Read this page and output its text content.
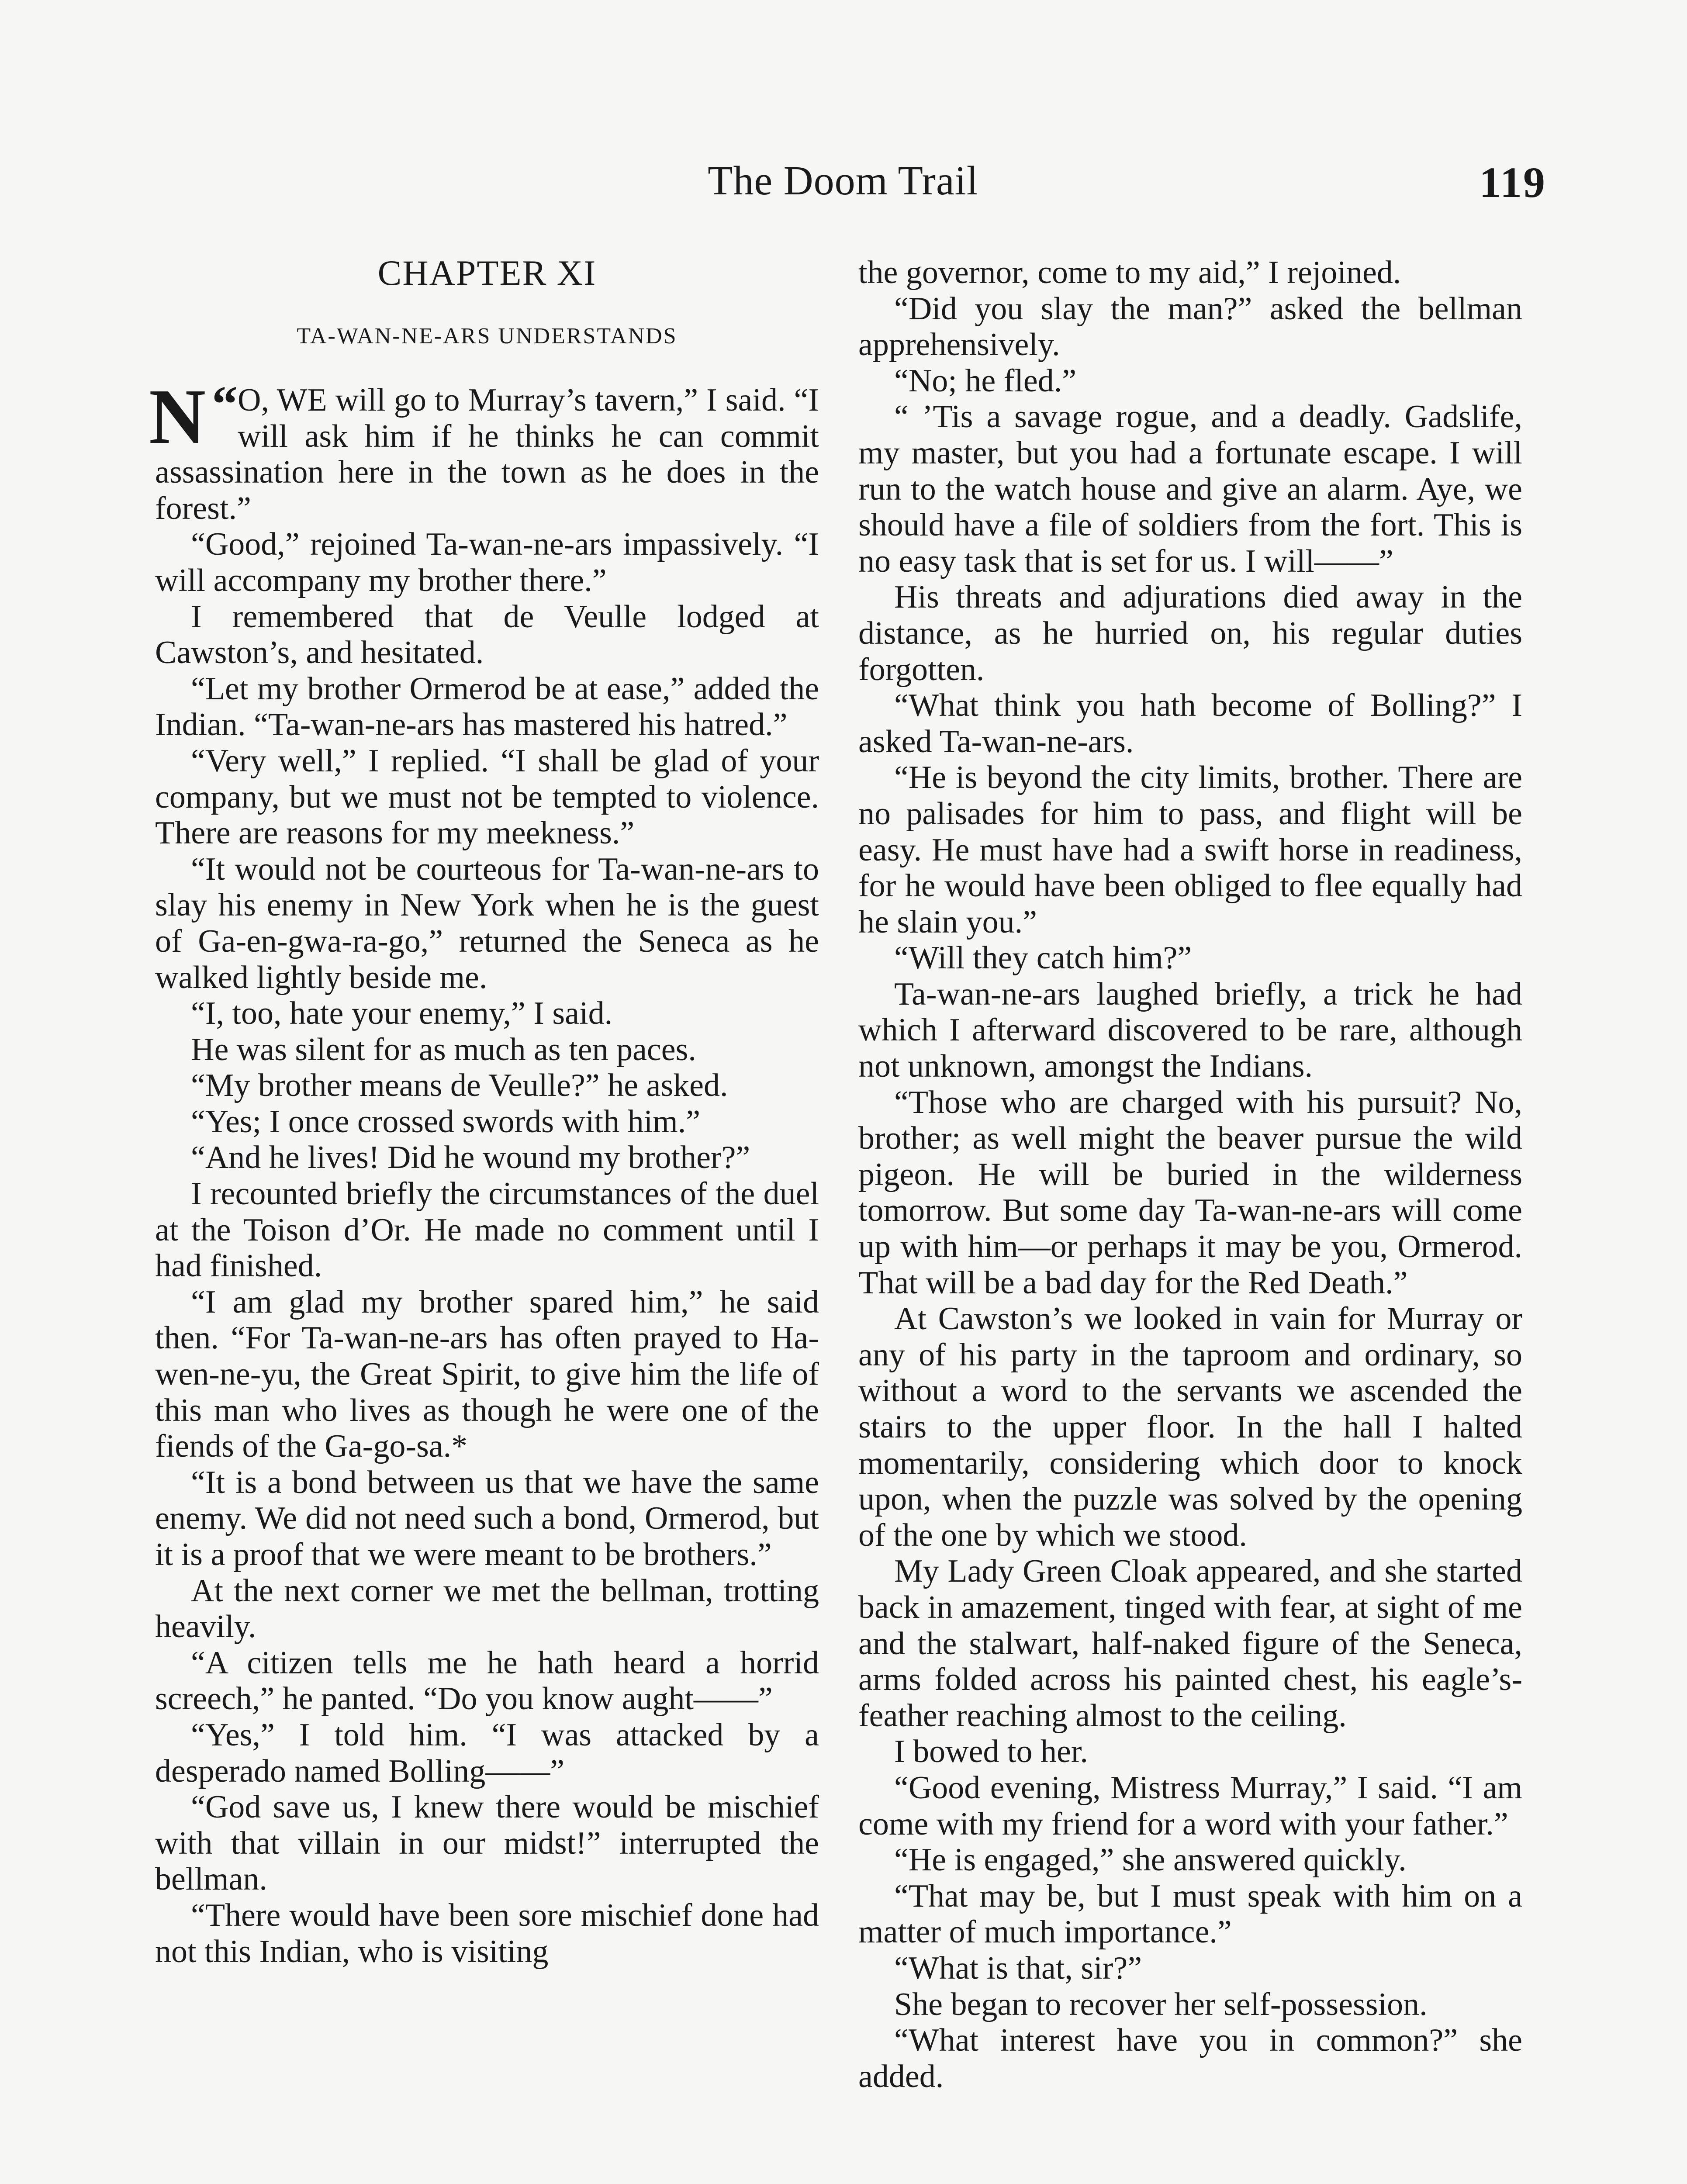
The Doom Trail	119
CHAPTER XI
TA-WAN-NE-ARS UNDERSTANDS

“
N O, WE will go to Murray’s tavern,” I said. “I will ask him if he thinks he can commit assassination here in the town as he does in the forest.”

“Good,” rejoined Ta-wan-ne-ars impassively. “I will accompany my brother there.”

I remembered that de Veulle lodged at Cawston’s, and hesitated.

“Let my brother Ormerod be at ease,” added the Indian. “Ta-wan-ne-ars has mastered his hatred.”

“Very well,” I replied. “I shall be glad of your company, but we must not be tempted to violence. There are reasons for my meekness.”

“It would not be courteous for Ta-wan-ne-ars to slay his enemy in New York when he is the guest of Ga-en-gwa-ra-go,” returned the Seneca as he walked lightly beside me.

“I, too, hate your enemy,” I said.

He was silent for as much as ten paces.

“My brother means de Veulle?” he asked.

“Yes; I once crossed swords with him.”

“And he lives! Did he wound my brother?”

I recounted briefly the circumstances of the duel at the Toison d’Or. He made no comment until I had finished.

“I am glad my brother spared him,” he said then. “For Ta-wan-ne-ars has often prayed to Ha-wen-ne-yu, the Great Spirit, to give him the life of this man who lives as though he were one of the fiends of the Ga-go-sa.*

“It is a bond between us that we have the same enemy. We did not need such a bond, Ormerod, but it is a proof that we were meant to be brothers.”

At the next corner we met the bellman, trotting heavily.

“A citizen tells me he hath heard a horrid screech,” he panted. “Do you know aught——”

“Yes,” I told him. “I was attacked by a desperado named Bolling——”

“God save us, I knew there would be mischief with that villain in our midst!” interrupted the bellman.

“There would have been sore mischief done had not this Indian, who is visiting

the governor, come to my aid,” I rejoined.

“Did you slay the man?” asked the bellman apprehensively.

“No; he fled.”

“ ’Tis a savage rogue, and a deadly. Gadslife, my master, but you had a fortunate escape. I will run to the watch house and give an alarm. Aye, we should have a file of soldiers from the fort. This is no easy task that is set for us. I will——”

His threats and adjurations died away in the distance, as he hurried on, his regular duties forgotten.

“What think you hath become of Bolling?” I asked Ta-wan-ne-ars.

“He is beyond the city limits, brother. There are no palisades for him to pass, and flight will be easy. He must have had a swift horse in readiness, for he would have been obliged to flee equally had he slain you.”

“Will they catch him?”

Ta-wan-ne-ars laughed briefly, a trick he had which I afterward discovered to be rare, although not unknown, amongst the Indians.

“Those who are charged with his pursuit? No, brother; as well might the beaver pursue the wild pigeon. He will be buried in the wilderness tomorrow. But some day Ta-wan-ne-ars will come up with him—or perhaps it may be you, Ormerod. That will be a bad day for the Red Death.”

At Cawston’s we looked in vain for Murray or any of his party in the taproom and ordinary, so without a word to the servants we ascended the stairs to the upper floor. In the hall I halted momentarily, considering which door to knock upon, when the puzzle was solved by the opening of the one by which we stood.

My Lady Green Cloak appeared, and she started back in amazement, tinged with fear, at sight of me and the stalwart, half-naked figure of the Seneca, arms folded across his painted chest, his eagle’s-feather reaching almost to the ceiling.

I bowed to her.

“Good evening, Mistress Murray,” I said. “I am come with my friend for a word with your father.”

“He is engaged,” she answered quickly.

“That may be, but I must speak with him on a matter of much importance.”

“What is that, sir?”

She began to recover her self-possession.

“What interest have you in common?” she added.
